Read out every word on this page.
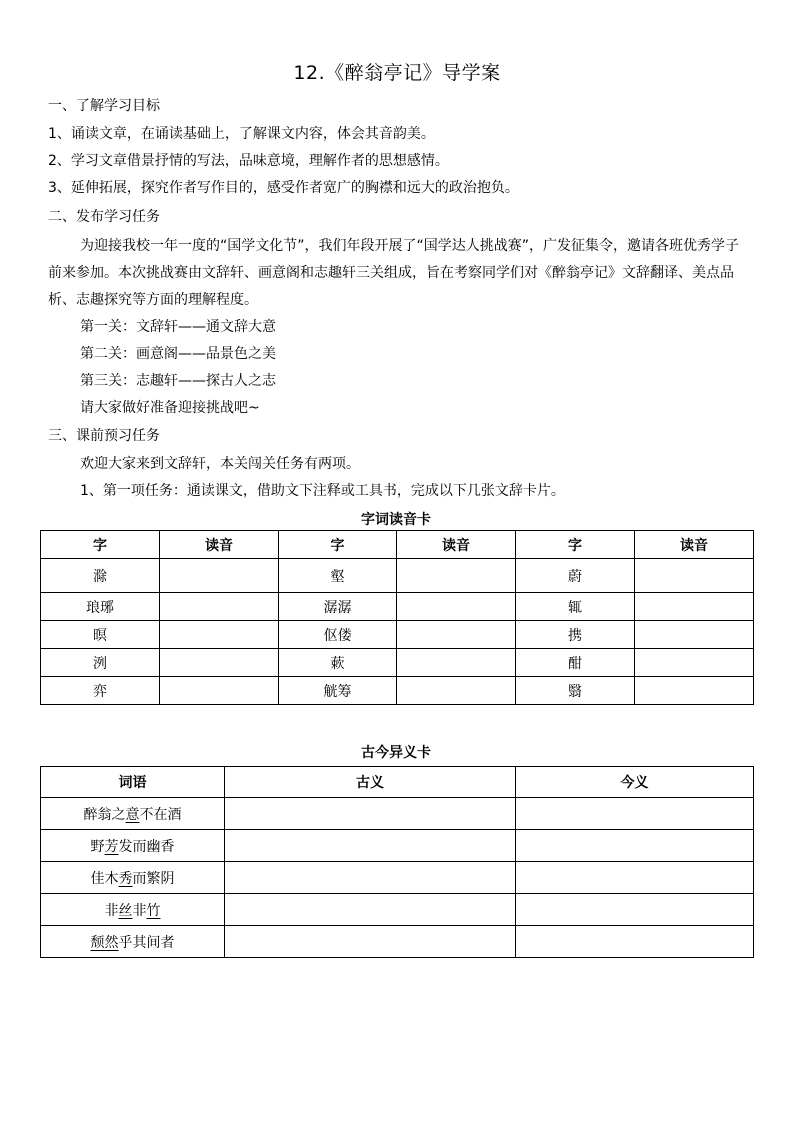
12.《醉翁亭记》导学案
一、了解学习目标
1、诵读文章，在诵读基础上，了解课文内容，体会其音韵美。
2、学习文章借景抒情的写法，品味意境，理解作者的思想感情。
3、延伸拓展，探究作者写作目的，感受作者宽广的胸襟和远大的政治抱负。
二、发布学习任务
为迎接我校一年一度的“国学文化节”，我们年段开展了“国学达人挑战赛”，广发征集令，邀请各班优秀学子前来参加。本次挑战赛由文辞轩、画意阁和志趣轩三关组成，旨在考察同学们对《醉翁亭记》文辞翻译、美点品析、志趣探究等方面的理解程度。
第一关：文辞轩——通文辞大意
第二关：画意阁——品景色之美
第三关：志趣轩——探古人之志
请大家做好准备迎接挑战吧~
三、课前预习任务
欢迎大家来到文辞轩，本关闯关任务有两项。
1、第一项任务：通读课文，借助文下注释或工具书，完成以下几张文辞卡片。
字词读音卡
字	读音	字	读音	字	读音
滁		壑		蔚	
琅琊		潺潺		辄	
暝		伛偻		携	
洌		蔌		酣	
弈		觥筹		翳	
古今异义卡
词语	古义	今义
醉翁之意不在酒		
野芳发而幽香		
佳木秀而繁阴		
非丝非竹		
颓然乎其间者		
